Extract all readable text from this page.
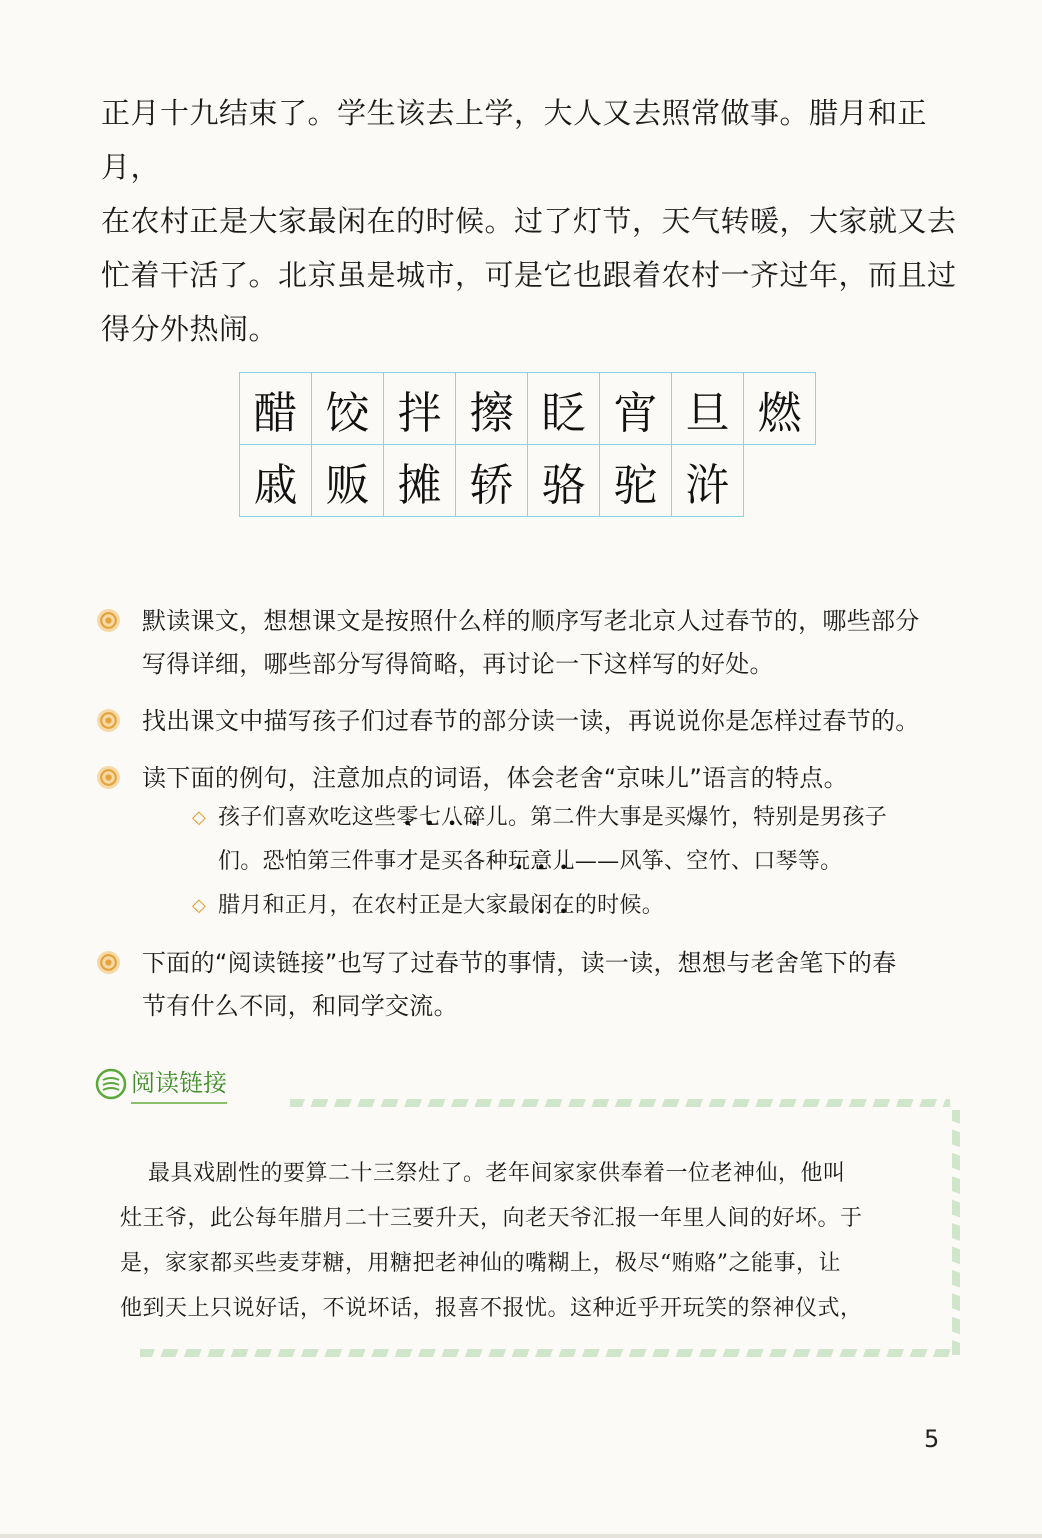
正月十九结束了。学生该去上学，大人又去照常做事。腊月和正月，

在农村正是大家最闲在的时候。过了灯节，天气转暖，大家就又去

忙着干活了。北京虽是城市，可是它也跟着农村一齐过年，而且过

得分外热闹。

醋	饺	拌	擦	眨	宵	旦	燃
戚	贩	摊	轿	骆	驼	浒	
默读课文，想想课文是按照什么样的顺序写老北京人过春节的，哪些部分
写得详细，哪些部分写得简略，再讨论一下这样写的好处。
找出课文中描写孩子们过春节的部分读一读，再说说你是怎样过春节的。
读下面的例句，注意加点的词语，体会老舍“京味儿”语言的特点。
◇ 孩子们喜欢吃这些零七八碎儿。第二件大事是买爆竹，特别是男孩子
们。恐怕第三件事才是买各种玩意儿——风筝、空竹、口琴等。
◇ 腊月和正月，在农村正是大家最闲在的时候。
下面的“阅读链接”也写了过春节的事情，读一读，想想与老舍笔下的春
节有什么不同，和同学交流。
阅读链接
最具戏剧性的要算二十三祭灶了。老年间家家供奉着一位老神仙，他叫
灶王爷，此公每年腊月二十三要升天，向老天爷汇报一年里人间的好坏。于
是，家家都买些麦芽糖，用糖把老神仙的嘴糊上，极尽“贿赂”之能事，让
他到天上只说好话，不说坏话，报喜不报忧。这种近乎开玩笑的祭神仪式，
5
